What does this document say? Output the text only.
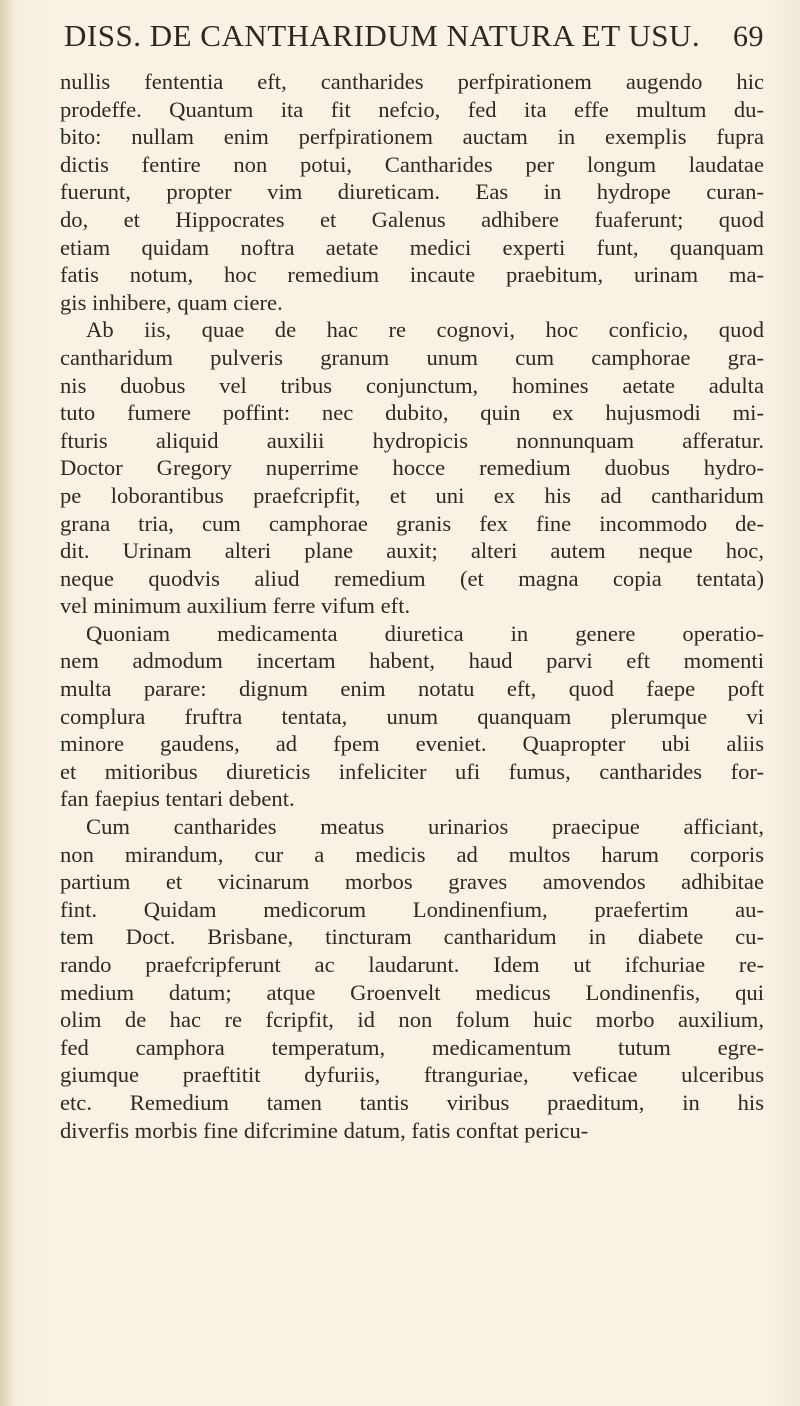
DISS. DE CANTHARIDUM NATURA ET USU. 69
nullis fententia eft, cantharides perfpirationem augendo hic
prodeffe. Quantum ita fit nefcio, fed ita effe multum du-
bito: nullam enim perfpirationem auctam in exemplis fupra
dictis fentire non potui, Cantharides per longum laudatae
fuerunt, propter vim diureticam. Eas in hydrope curan-
do, et Hippocrates et Galenus adhibere fuaferunt; quod
etiam quidam noftra aetate medici experti funt, quanquam
fatis notum, hoc remedium incaute praebitum, urinam ma-
gis inhibere, quam ciere.
Ab iis, quae de hac re cognovi, hoc conficio, quod
cantharidum pulveris granum unum cum camphorae gra-
nis duobus vel tribus conjunctum, homines aetate adulta
tuto fumere poffint: nec dubito, quin ex hujusmodi mi-
fturis aliquid auxilii hydropicis nonnunquam afferatur.
Doctor Gregory nuperrime hocce remedium duobus hydro-
pe loborantibus praefcripfit, et uni ex his ad cantharidum
grana tria, cum camphorae granis fex fine incommodo de-
dit. Urinam alteri plane auxit; alteri autem neque hoc,
neque quodvis aliud remedium (et magna copia tentata)
vel minimum auxilium ferre vifum eft.
Quoniam medicamenta diuretica in genere operatio-
nem admodum incertam habent, haud parvi eft momenti
multa parare: dignum enim notatu eft, quod faepe poft
complura fruftra tentata, unum quanquam plerumque vi
minore gaudens, ad fpem eveniet. Quapropter ubi aliis
et mitioribus diureticis infeliciter ufi fumus, cantharides for-
fan faepius tentari debent.
Cum cantharides meatus urinarios praecipue afficiant,
non mirandum, cur a medicis ad multos harum corporis
partium et vicinarum morbos graves amovendos adhibitae
fint. Quidam medicorum Londinenfium, praefertim au-
tem Doct. Brisbane, tincturam cantharidum in diabete cu-
rando praefcripferunt ac laudarunt. Idem ut ifchuriae re-
medium datum; atque Groenvelt medicus Londinenfis, qui
olim de hac re fcripfit, id non folum huic morbo auxilium,
fed camphora temperatum, medicamentum tutum egre-
giumque praeftitit dyfuriis, ftranguriae, veficae ulceribus
etc. Remedium tamen tantis viribus praeditum, in his
diverfis morbis fine difcrimine datum, fatis conftat pericu-
